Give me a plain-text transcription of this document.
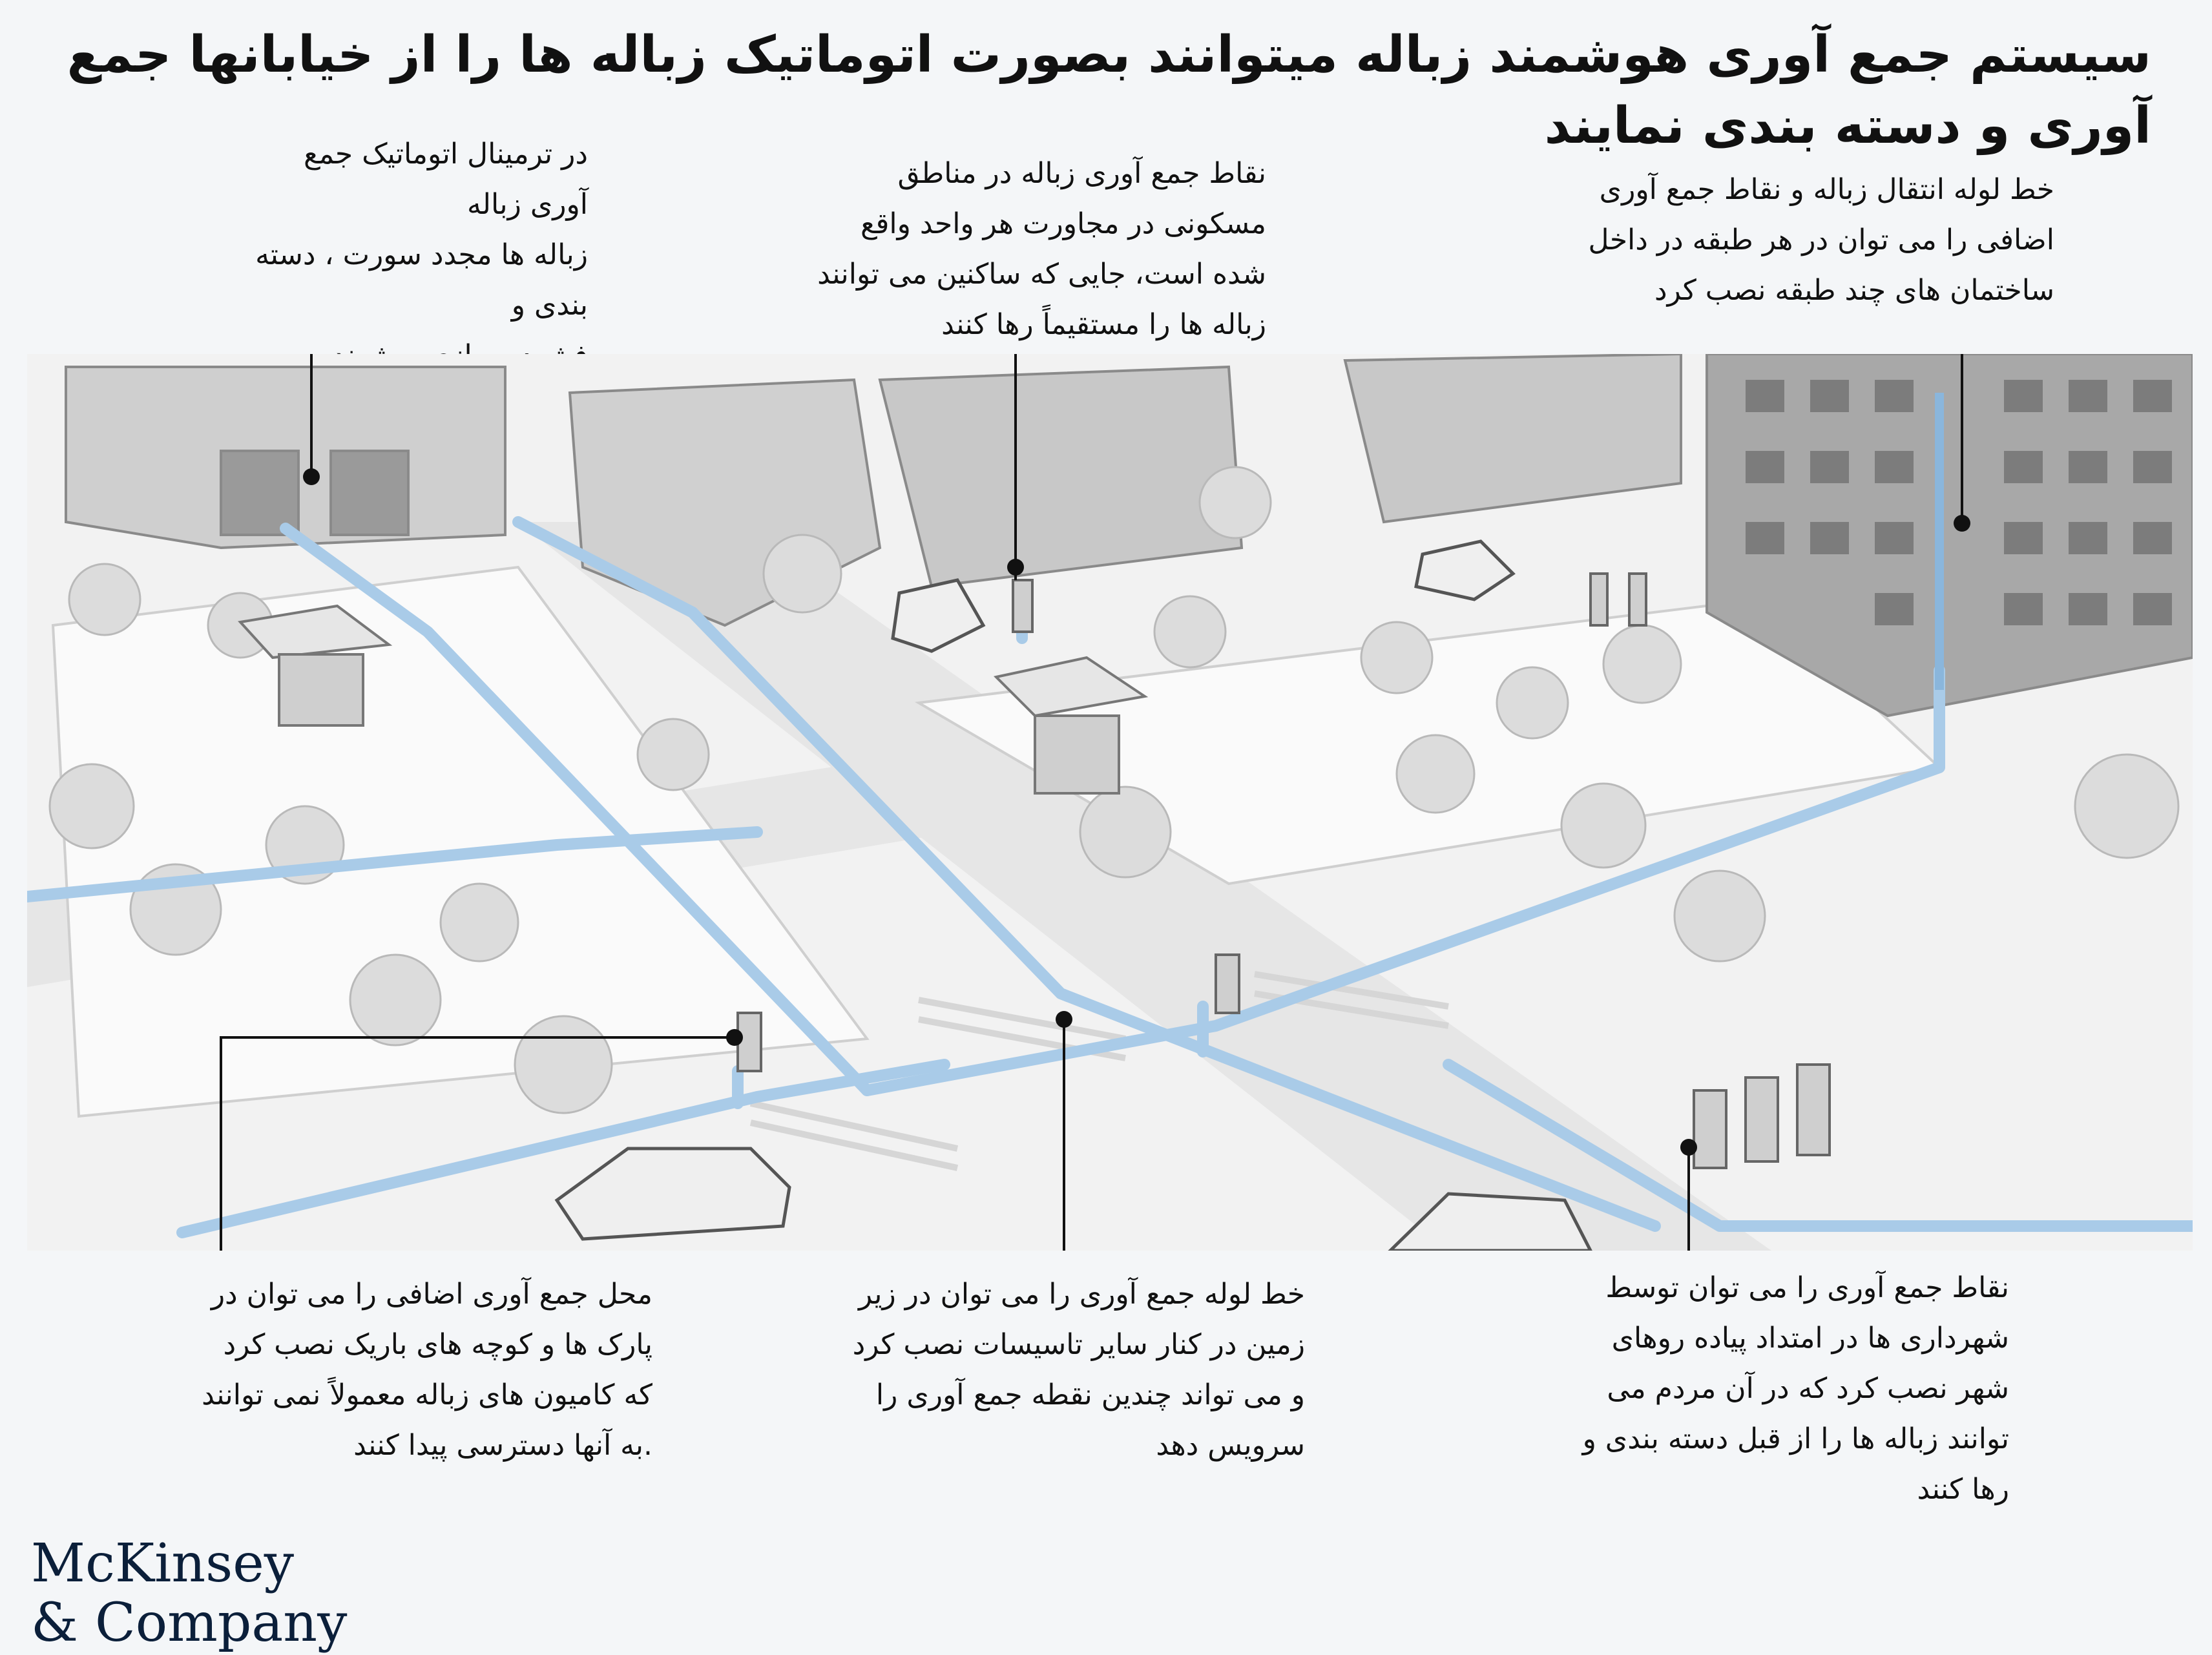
سیستم جمع آوری هوشمند زباله میتوانند بصورت اتوماتیک زباله ها را از خیابانها جمع آوری و دسته بندی نمایند
در ترمینال اتوماتیک جمع آوری زباله
زباله ها مجدد سورت ، دسته بندی و

نقاط جمع آوری زباله در مناطق
مسکونی در مجاورت هر واحد واقع
شده است، جایی که ساکنین می توانند
زباله ها را مستقیماً رها کنند
خط لوله انتقال زباله و نقاط جمع آوری
اضافی را می توان در هر طبقه در داخل
ساختمان های چند طبقه نصب کرد
محل جمع آوری اضافی را می توان در
پارک ها و کوچه های باریک نصب کرد
که کامیون های زباله معمولاً نمی توانند
.به آنها دسترسی پیدا کنند
خط لوله جمع آوری را می توان در زیر
زمین در کنار سایر تاسیسات نصب کرد
و می تواند چندین نقطه جمع آوری را
سرویس دهد
نقاط جمع آوری را می توان توسط
شهرداری ها در امتداد پیاده روهای
شهر نصب کرد که در آن مردم می
توانند زباله ها را از قبل دسته بندی و
رها کنند
McKinsey
& Company
